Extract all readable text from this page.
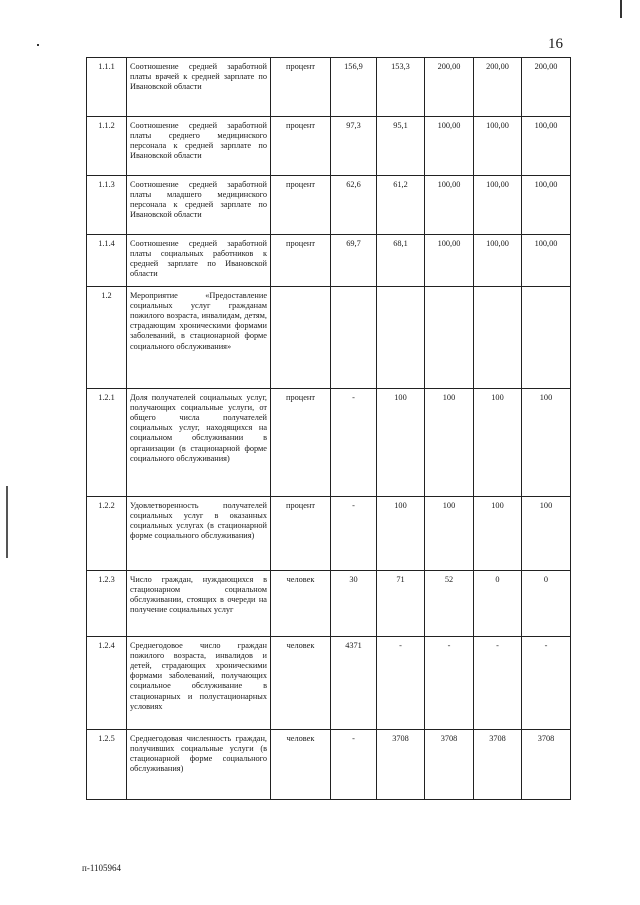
16
1.1.1	Соотношение средней заработной платы врачей к средней зарплате по Ивановской области	процент	156,9	153,3	200,00	200,00	200,00
1.1.2	Соотношение средней заработной платы среднего медицинского персонала к средней зарплате по Ивановской области	процент	97,3	95,1	100,00	100,00	100,00
1.1.3	Соотношение средней заработной платы младшего медицинского персонала к средней зарплате по Ивановской области	процент	62,6	61,2	100,00	100,00	100,00
1.1.4	Соотношение средней заработной платы социальных работников к средней зарплате по Ивановской области	процент	69,7	68,1	100,00	100,00	100,00
1.2	Мероприятие «Предоставление социальных услуг гражданам пожилого возраста, инвалидам, детям, страдающим хроническими формами заболеваний, в стационарной форме социального обслуживания»						
1.2.1	Доля получателей социальных услуг, получающих социальные услуги, от общего числа получателей социальных услуг, находящихся на социальном обслуживании в организации (в стационарной форме социального обслуживания)	процент	-	100	100	100	100
1.2.2	Удовлетворенность получателей социальных услуг в оказанных социальных услугах (в стационарной форме социального обслуживания)	процент	-	100	100	100	100
1.2.3	Число граждан, нуждающихся в стационарном социальном обслуживании, стоящих в очереди на получение социальных услуг	человек	30	71	52	0	0
1.2.4	Среднегодовое число граждан пожилого возраста, инвалидов и детей, страдающих хроническими формами заболеваний, получающих социальное обслуживание в стационарных и полустационарных условиях	человек	4371	-	-	-	-
1.2.5	Среднегодовая численность граждан, получивших социальные услуги (в стационарной форме социального обслуживания)	человек	-	3708	3708	3708	3708
п-1105964
